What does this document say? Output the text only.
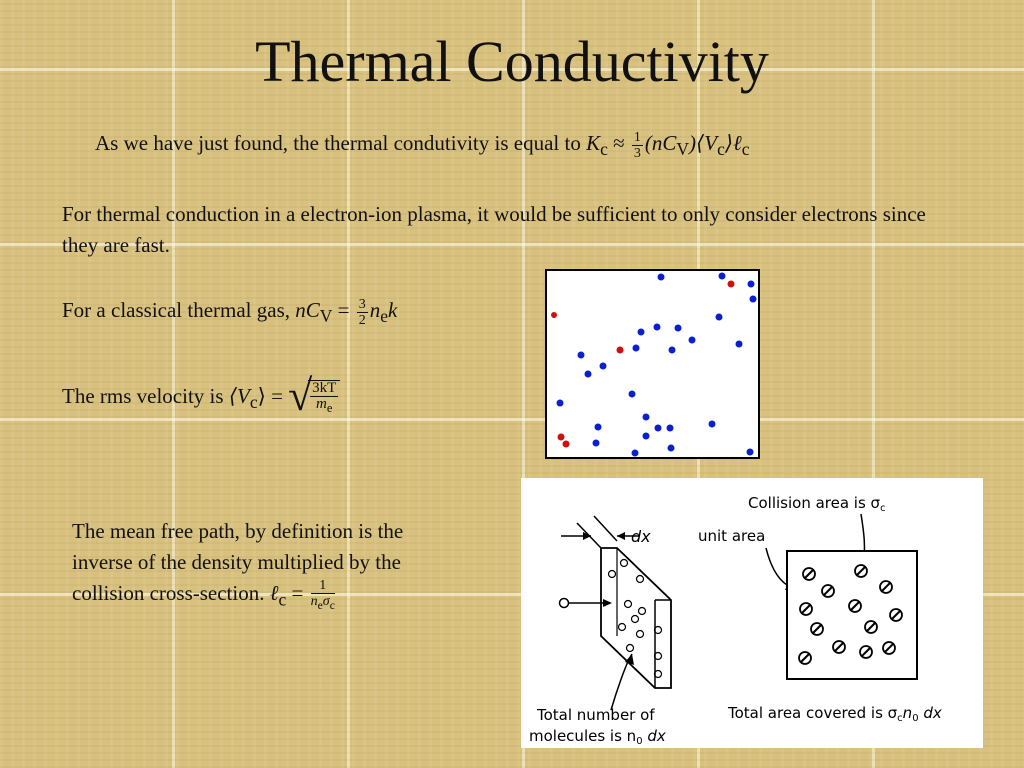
Thermal Conductivity
As we have just found, the thermal condutivity is equal to $K_c \approx \frac{1}{3}$ $(nC_V)⟨V_c⟩\ell_c$
For thermal conduction in a electron-ion plasma, it would be sufficient to only consider electrons since they are fast.
For a classical thermal gas, $nC_V = \frac{3}{2} n_ek$
The rms velocity is $⟨V_c⟩$ = √
$\frac{3kT}{m_e}$
The mean free path, by definition is the inverse of the density multiplied by the collision cross-section. ℓ$_c$ = $\frac{1}{n_e\sigma_c}$
dx
Total number of
molecules is $n_0$ dx
Collision area is $\sigma_c$
unit area
Total area covered is $\sigma_cn_0$ dx
